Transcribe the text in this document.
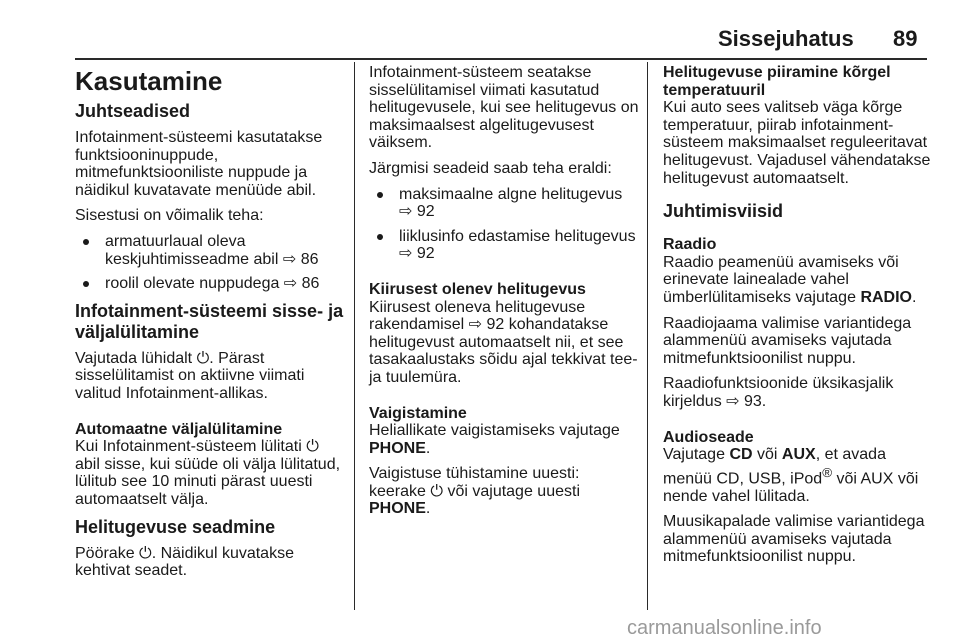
Sissejuhatus 89
Kasutamine
Juhtseadised

Infotainment-süsteemi kasutatakse funktsiooninuppude, mitmefunktsiooniliste nuppude ja näidikul kuvatavate menüüde abil.

Sisestusi on võimalik teha:

armatuurlaual oleva keskjuhtimisseadme abil ⇨ 86
roolil olevate nuppudega ⇨ 86
Infotainment-süsteemi sisse- ja väljalülitamine

Vajutada lühidalt ⏻. Pärast sisselülitamist on aktiivne viimati valitud Infotainment-allikas.

Automaatne väljalülitamine

Kui Infotainment-süsteem lülitati ⏻ abil sisse, kui süüde oli välja lülitatud, lülitub see 10 minuti pärast uuesti automaatselt välja.

Helitugevuse seadmine

Pöörake ⏻. Näidikul kuvatakse kehtivat seadet.

Infotainment-süsteem seatakse sisselülitamisel viimati kasutatud helitugevusele, kui see helitugevus on maksimaalsest algelitugevusest väiksem.

Järgmisi seadeid saab teha eraldi:

maksimaalne algne helitugevus ⇨ 92
liiklusinfo edastamise helitugevus ⇨ 92
Kiirusest olenev helitugevus

Kiirusest oleneva helitugevuse rakendamisel ⇨ 92 kohandatakse helitugevust automaatselt nii, et see tasakaalustaks sõidu ajal tekkivat tee- ja tuulemüra.

Vaigistamine

Heliallikate vaigistamiseks vajutage PHONE.

Vaigistuse tühistamine uuesti: keerake ⏻ või vajutage uuesti PHONE.

Helitugevuse piiramine kõrgel temperatuuril

Kui auto sees valitseb väga kõrge temperatuur, piirab infotainment-süsteem maksimaalset reguleeritavat helitugevust. Vajadusel vähendatakse helitugevust automaatselt.

Juhtimisviisid
Raadio

Raadio peamenüü avamiseks või erinevate lainealade vahel ümberlülitamiseks vajutage RADIO.

Raadiojaama valimise variantidega alammenüü avamiseks vajutada mitmefunktsioonilist nuppu.

Raadiofunktsioonide üksikasjalik kirjeldus ⇨ 93.

Audioseade

Vajutage CD või AUX, et avada menüü CD, USB, iPod® või AUX või nende vahel lülitada.

Muusikapalade valimise variantidega alammenüü avamiseks vajutada mitmefunktsioonilist nuppu.

carmanualsonline.info
